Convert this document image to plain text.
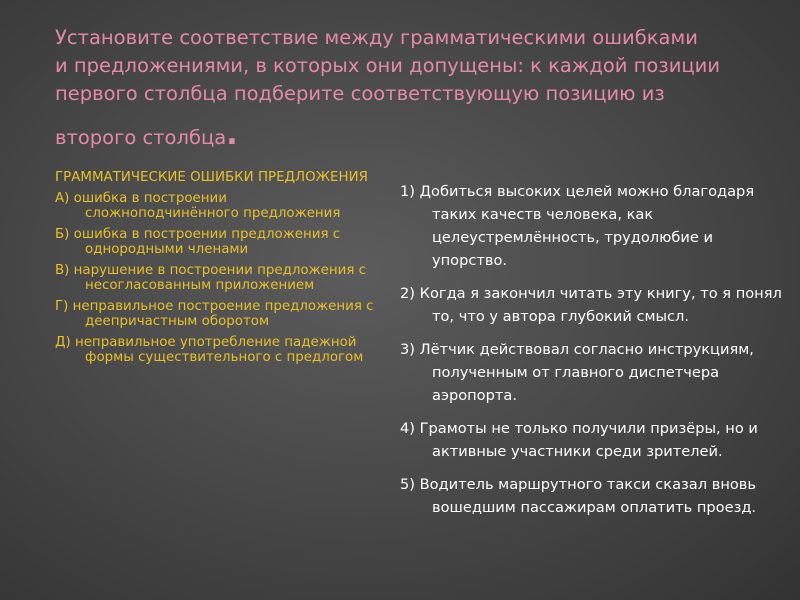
Установите соответствие между грамматическими ошибками
и предложениями, в которых они допущены: к каждой позиции
первого столбца подберите соответствующую позицию из
второго столбца.
ГРАММАТИЧЕСКИЕ ОШИБКИ ПРЕДЛОЖЕНИЯ
А) ошибка в построении сложноподчинённого предложения
Б) ошибка в построении предложения с однородными членами
В) нарушение в построении предложения с несогласованным приложением
Г) неправильное построение предложения с деепричастным оборотом
Д) неправильное употребление падежной формы существительного с предлогом
1) Добиться высоких целей можно благодаря таких качеств человека, как целеустремлённость, трудолюбие и упорство.
2) Когда я закончил читать эту книгу, то я понял то, что у автора глубокий смысл.
3) Лётчик действовал согласно инструкциям, полученным от главного диспетчера аэропорта.
4) Грамоты не только получили призёры, но и активные участники среди зрителей.
5) Водитель маршрутного такси сказал вновь вошедшим пассажирам оплатить проезд.
